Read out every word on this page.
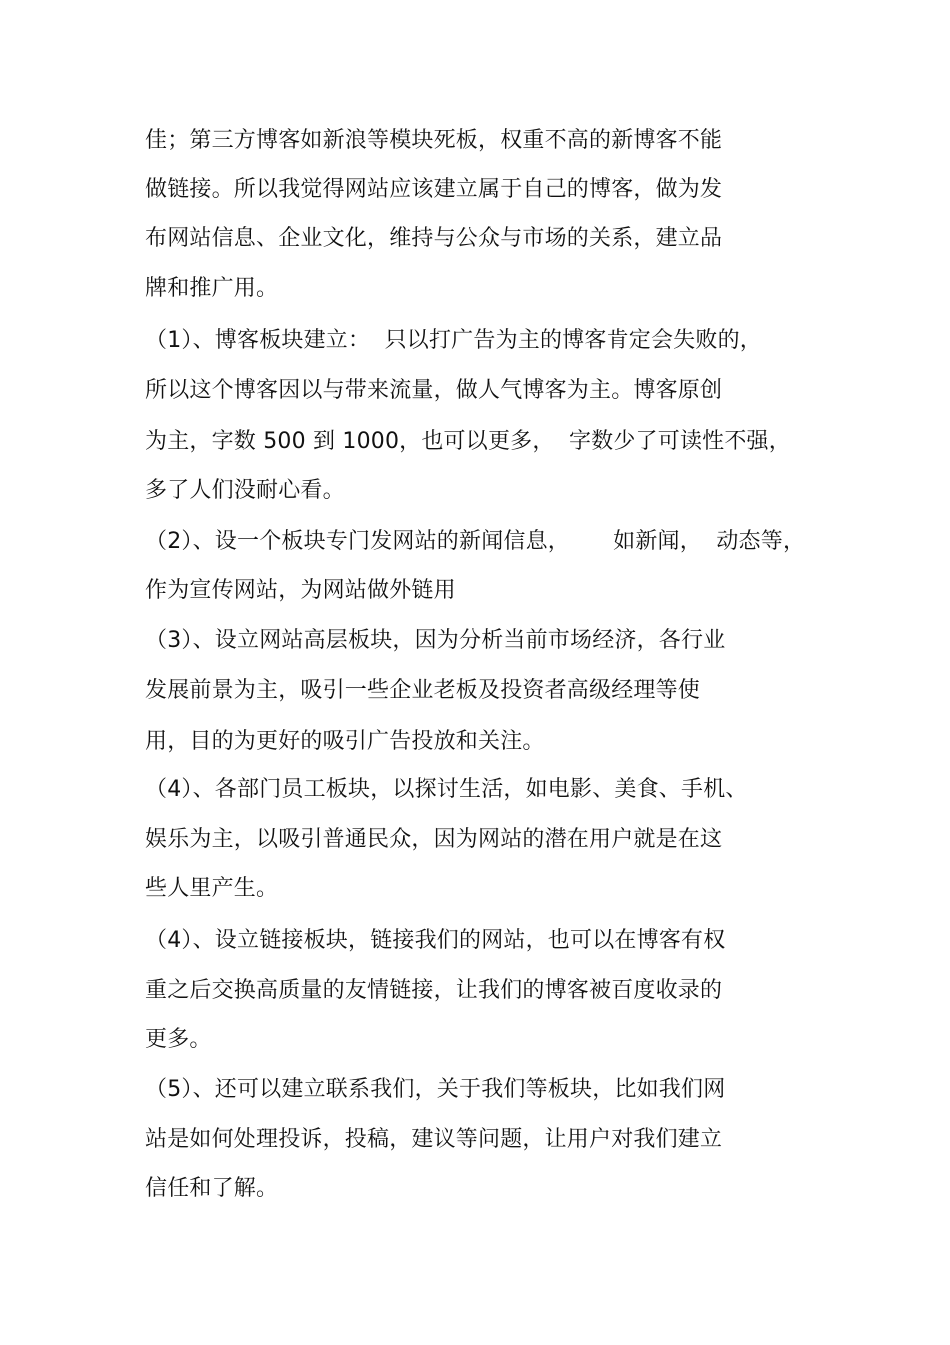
佳；第三方博客如新浪等模块死板，权重不高的新博客不能
做链接。所以我觉得网站应该建立属于自己的博客，做为发
布网站信息、企业文化，维持与公众与市场的关系，建立品
牌和推广用。
（1）、博客板块建立：  只以打广告为主的博客肯定会失败的，
所以这个博客因以与带来流量，做人气博客为主。博客原创
为主，字数 500 到 1000，也可以更多，  字数少了可读性不强，
多了人们没耐心看。
（2）、设一个板块专门发网站的新闻信息，      如新闻，  动态等，
作为宣传网站，为网站做外链用
（3）、设立网站高层板块，因为分析当前市场经济，各行业
发展前景为主，吸引一些企业老板及投资者高级经理等使
用，目的为更好的吸引广告投放和关注。
（4）、各部门员工板块，以探讨生活，如电影、美食、手机、
娱乐为主，以吸引普通民众，因为网站的潜在用户就是在这
些人里产生。
（4）、设立链接板块，链接我们的网站，也可以在博客有权
重之后交换高质量的友情链接，让我们的博客被百度收录的
更多。
（5）、还可以建立联系我们，关于我们等板块，比如我们网
站是如何处理投诉，投稿，建议等问题，让用户对我们建立
信任和了解。
